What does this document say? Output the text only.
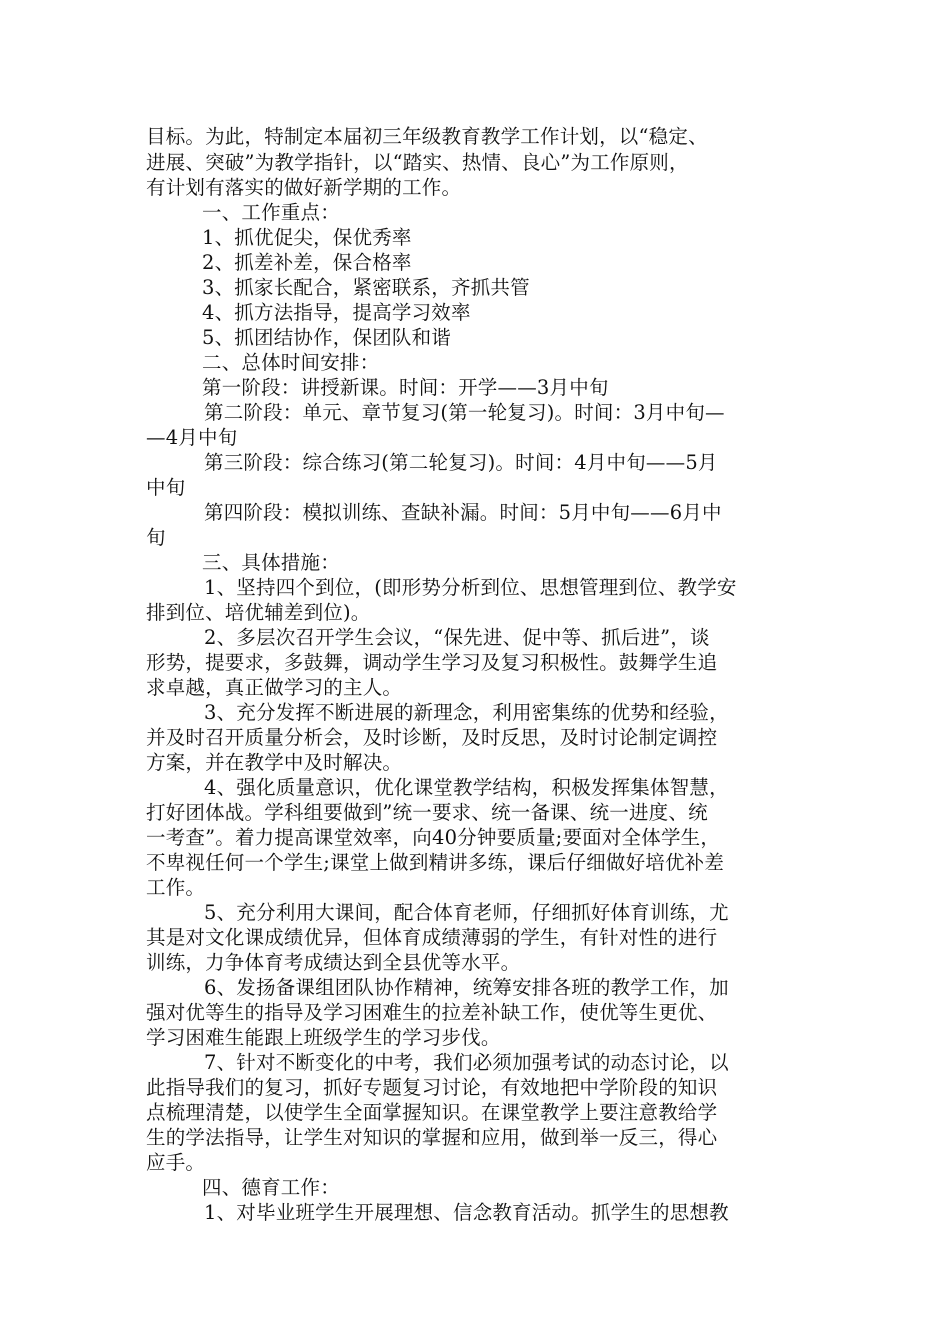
目标。为此，特制定本届初三年级教育教学工作计划，以“稳定、
进展、突破”为教学指针，以“踏实、热情、良心”为工作原则，
有计划有落实的做好新学期的工作。
一、工作重点：
1、抓优促尖，保优秀率
2、抓差补差，保合格率
3、抓家长配合，紧密联系，齐抓共管
4、抓方法指导，提高学习效率
5、抓团结协作，保团队和谐
二、总体时间安排：
第一阶段：讲授新课。时间：开学——3月中旬
第二阶段：单元、章节复习(第一轮复习)。时间：3月中旬—
—4月中旬
第三阶段：综合练习(第二轮复习)。时间：4月中旬——5月
中旬
第四阶段：模拟训练、查缺补漏。时间：5月中旬——6月中
旬
三、具体措施：
1、坚持四个到位，(即形势分析到位、思想管理到位、教学安
排到位、培优辅差到位)。
2、多层次召开学生会议，“保先进、促中等、抓后进”，谈
形势，提要求，多鼓舞，调动学生学习及复习积极性。鼓舞学生追
求卓越，真正做学习的主人。
3、充分发挥不断进展的新理念，利用密集练的优势和经验，
并及时召开质量分析会，及时诊断，及时反思，及时讨论制定调控
方案，并在教学中及时解决。
4、强化质量意识，优化课堂教学结构，积极发挥集体智慧，
打好团体战。学科组要做到”统一要求、统一备课、统一进度、统
一考查”。着力提高课堂效率，向40分钟要质量;要面对全体学生，
不卑视任何一个学生;课堂上做到精讲多练，课后仔细做好培优补差
工作。
5、充分利用大课间，配合体育老师，仔细抓好体育训练，尤
其是对文化课成绩优异，但体育成绩薄弱的学生，有针对性的进行
训练，力争体育考成绩达到全县优等水平。
6、发扬备课组团队协作精神，统筹安排各班的教学工作，加
强对优等生的指导及学习困难生的拉差补缺工作，使优等生更优、
学习困难生能跟上班级学生的学习步伐。
7、针对不断变化的中考，我们必须加强考试的动态讨论，以
此指导我们的复习，抓好专题复习讨论，有效地把中学阶段的知识
点梳理清楚，以使学生全面掌握知识。在课堂教学上要注意教给学
生的学法指导，让学生对知识的掌握和应用，做到举一反三，得心
应手。
四、德育工作：
1、对毕业班学生开展理想、信念教育活动。抓学生的思想教
